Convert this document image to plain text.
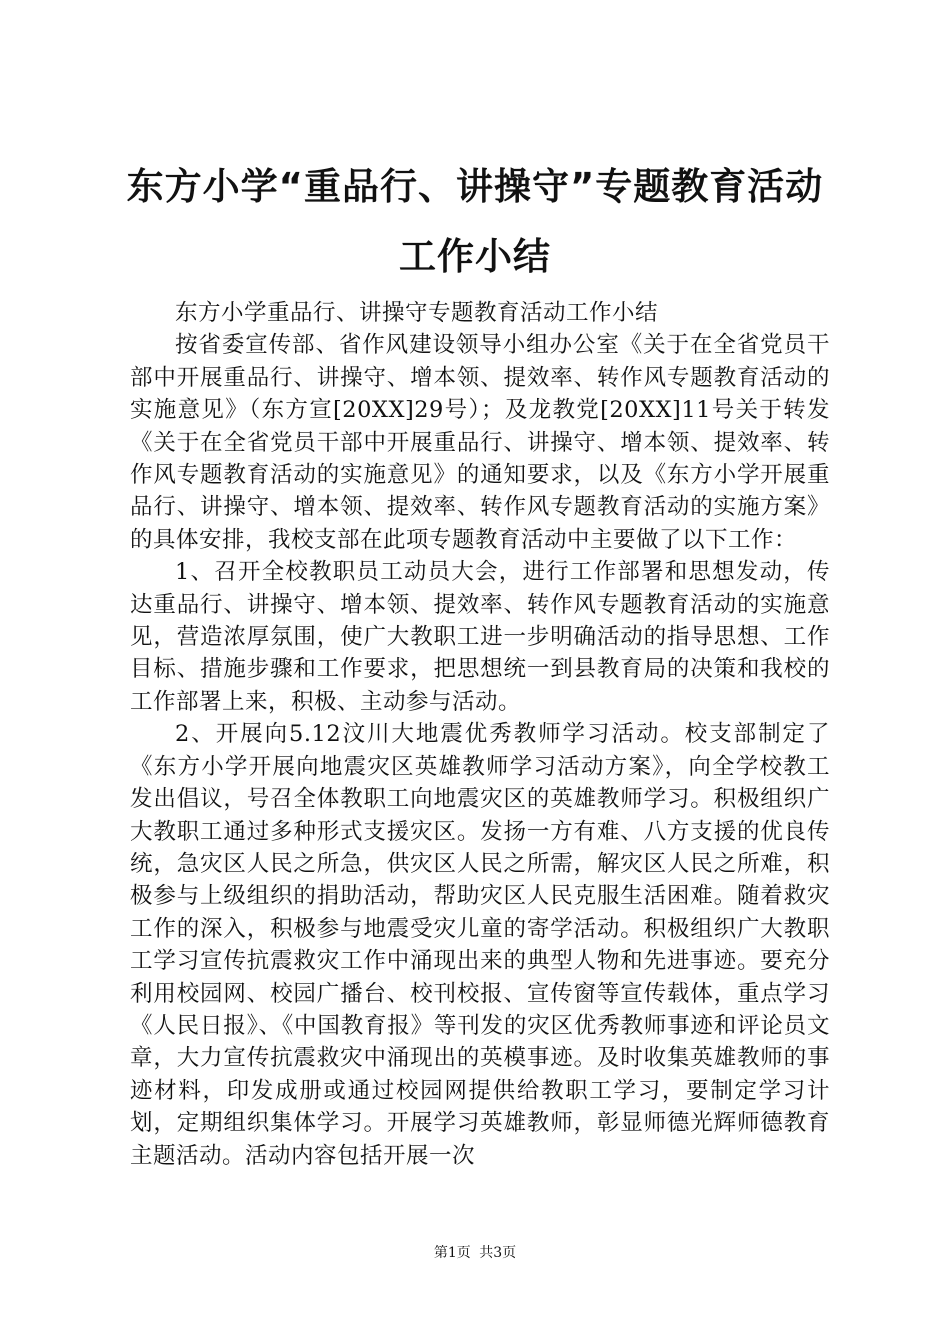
东方小学“重品行、讲操守”专题教育活动工作小结

东方小学重品行、讲操守专题教育活动工作小结

按省委宣传部、省作风建设领导小组办公室《关于在全省党员干部中开展重品行、讲操守、增本领、提效率、转作风专题教育活动的实施意见》（东方宣[20XX]29号）；及龙教党[20XX]11号关于转发《关于在全省党员干部中开展重品行、讲操守、增本领、提效率、转作风专题教育活动的实施意见》的通知要求，以及《东方小学开展重品行、讲操守、增本领、提效率、转作风专题教育活动的实施方案》的具体安排，我校支部在此项专题教育活动中主要做了以下工作：

1、召开全校教职员工动员大会，进行工作部署和思想发动，传达重品行、讲操守、增本领、提效率、转作风专题教育活动的实施意见，营造浓厚氛围，使广大教职工进一步明确活动的指导思想、工作目标、措施步骤和工作要求，把思想统一到县教育局的决策和我校的工作部署上来，积极、主动参与活动。

2、开展向5.12汶川大地震优秀教师学习活动。校支部制定了《东方小学开展向地震灾区英雄教师学习活动方案》，向全学校教工发出倡议，号召全体教职工向地震灾区的英雄教师学习。积极组织广大教职工通过多种形式支援灾区。发扬一方有难、八方支援的优良传统，急灾区人民之所急，供灾区人民之所需，解灾区人民之所难，积极参与上级组织的捐助活动，帮助灾区人民克服生活困难。随着救灾工作的深入，积极参与地震受灾儿童的寄学活动。积极组织广大教职工学习宣传抗震救灾工作中涌现出来的典型人物和先进事迹。要充分利用校园网、校园广播台、校刊校报、宣传窗等宣传载体，重点学习《人民日报》、《中国教育报》等刊发的灾区优秀教师事迹和评论员文章，大力宣传抗震救灾中涌现出的英模事迹。及时收集英雄教师的事迹材料，印发成册或通过校园网提供给教职工学习，要制定学习计划，定期组织集体学习。开展学习英雄教师，彰显师德光辉师德教育主题活动。活动内容包括开展一次

第1页 共3页
